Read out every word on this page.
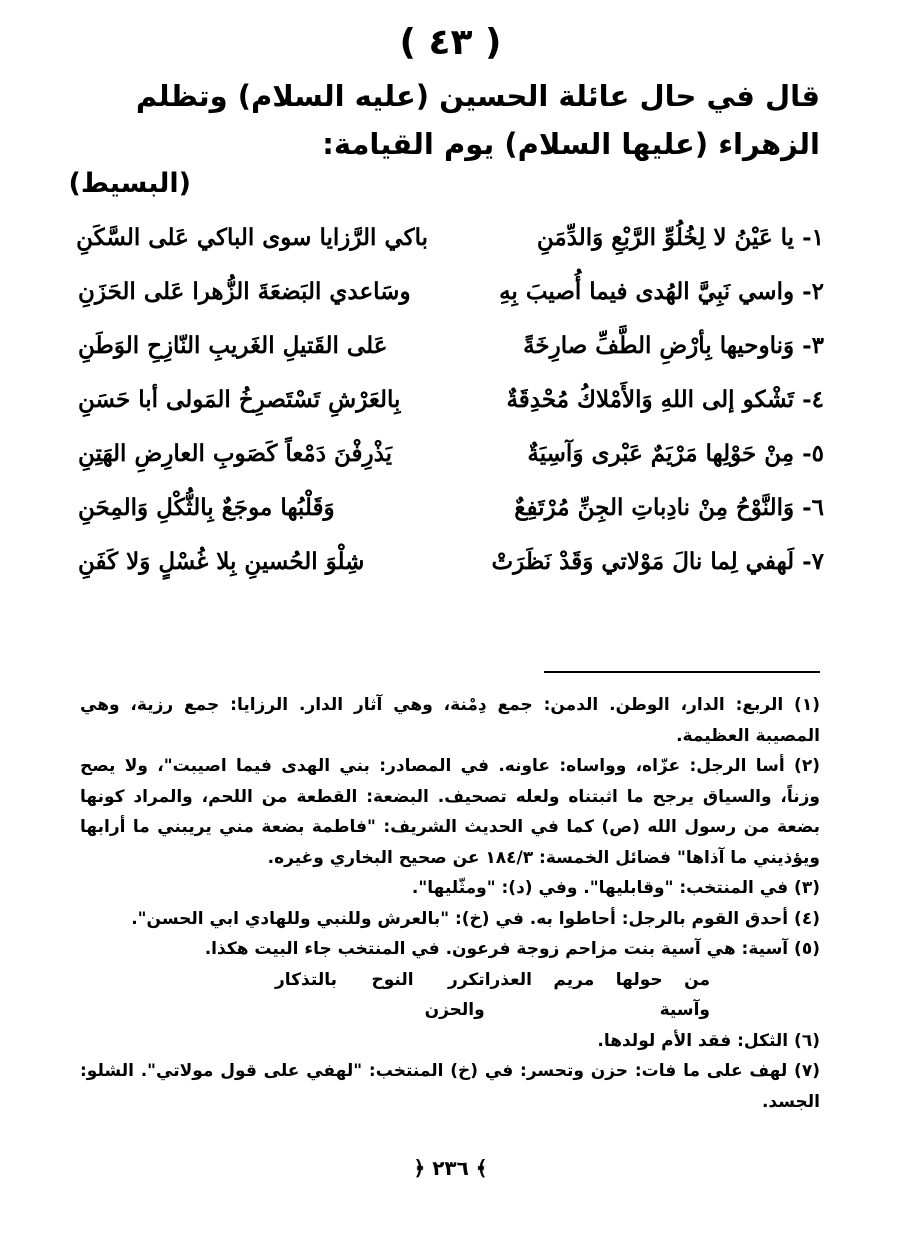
( ٤٣ )
قال في حال عائلة الحسين (عليه السلام) وتظلم الزهراء (عليها السلام) يوم القيامة:
(البسيط)
١- يا عَيْنُ لا لِخُلُوِّ الرَّبْعِ وَالدِّمَنِ
باكي الرَّزايا سوى الباكي عَلى السَّكَنِ
٢- واسي نَبِيَّ الهُدى فيما أُصيبَ بِهِ
وسَاعدي البَضعَةَ الزُّهرا عَلى الحَزَنِ
٣- وَناوحيها بِأرْضِ الطَّفِّ صارِخَةً
عَلى القَتيلِ الغَريبِ النّازِحِ الوَطَنِ
٤- تَشْكو إلى اللهِ وَالأَمْلاكُ مُحْدِقَةٌ
بِالعَرْشِ تَسْتَصرِخُ المَولى أبا حَسَنِ
٥- مِنْ حَوْلِها مَرْيَمٌ عَبْرى وَآسِيَةٌ
يَذْرِفْنَ دَمْعاً كَصَوبِ العارِضِ الهَتِنِ
٦- وَالنَّوْحُ مِنْ نادِباتِ الجِنِّ مُرْتَفِعٌ
وَقَلْبُها موجَعٌ بِالثُّكْلِ وَالمِحَنِ
٧- لَهفي لِما نالَ مَوْلاتي وَقَدْ نَظَرَتْ
شِلْوَ الحُسينِ بِلا غُسْلٍ وَلا كَفَنِ

(١) الربع: الدار، الوطن. الدمن: جمع دِمْنة، وهي آثار الدار. الرزايا: جمع رزية، وهي المصيبة العظيمة.

(٢) أسا الرجل: عزّاه، وواساه: عاونه. في المصادر: بني الهدى فيما اصيبت"، ولا يصح وزناً، والسياق يرجح ما اثبتناه ولعله تصحيف. البضعة: القطعة من اللحم، والمراد كونها بضعة من رسول الله (ص) كما في الحديث الشريف: "فاطمة بضعة مني يريبني ما أرابها ويؤذيني ما آذاها" فضائل الخمسة: ١٨٤/٣ عن صحيح البخاري وغيره.

(٣) في المنتخب: "وقابليها". وفي (د): "ومثّليها".

(٤) أحدق القوم بالرجل: أحاطوا به. في (خ): "بالعرش وللنبي وللهادي ابي الحسن".

(٥) آسية: هي آسية بنت مزاحم زوجة فرعون. في المنتخب جاء البيت هكذا.

من حولها مريم العذرا وآسية
تكرر النوح بالتذكار والحزن

(٦) الثكل: فقد الأم لولدها.

(٧) لهف على ما فات: حزن وتحسر: في (خ) المنتخب: "لهفي على قول مولاتي". الشلو: الجسد.

﴿ ٢٣٦ ﴾
